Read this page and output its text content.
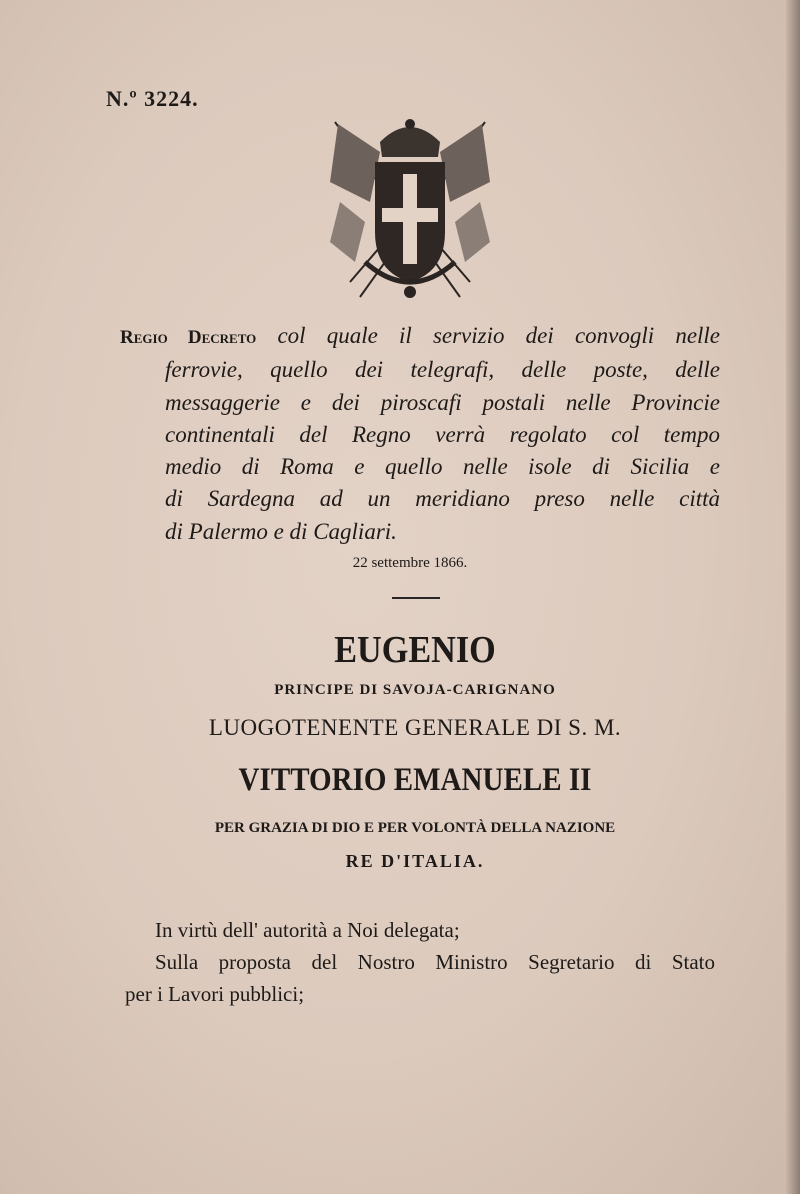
N.º 3224.
Regio Decreto col quale il servizio dei convogli nelle
ferrovie, quello dei telegrafi, delle poste, delle
messaggerie e dei piroscafi postali nelle Provincie
continentali del Regno verrà regolato col tempo
medio di Roma e quello nelle isole di Sicilia e
di Sardegna ad un meridiano preso nelle città
di Palermo e di Cagliari.
22 settembre 1866.
EUGENIO
PRINCIPE DI SAVOJA-CARIGNANO
LUOGOTENENTE GENERALE DI S. M.
VITTORIO EMANUELE II
PER GRAZIA DI DIO E PER VOLONTÀ DELLA NAZIONE
RE D'ITALIA.
In virtù dell' autorità a Noi delegata;
Sulla proposta del Nostro Ministro Segretario di Stato
per i Lavori pubblici;
